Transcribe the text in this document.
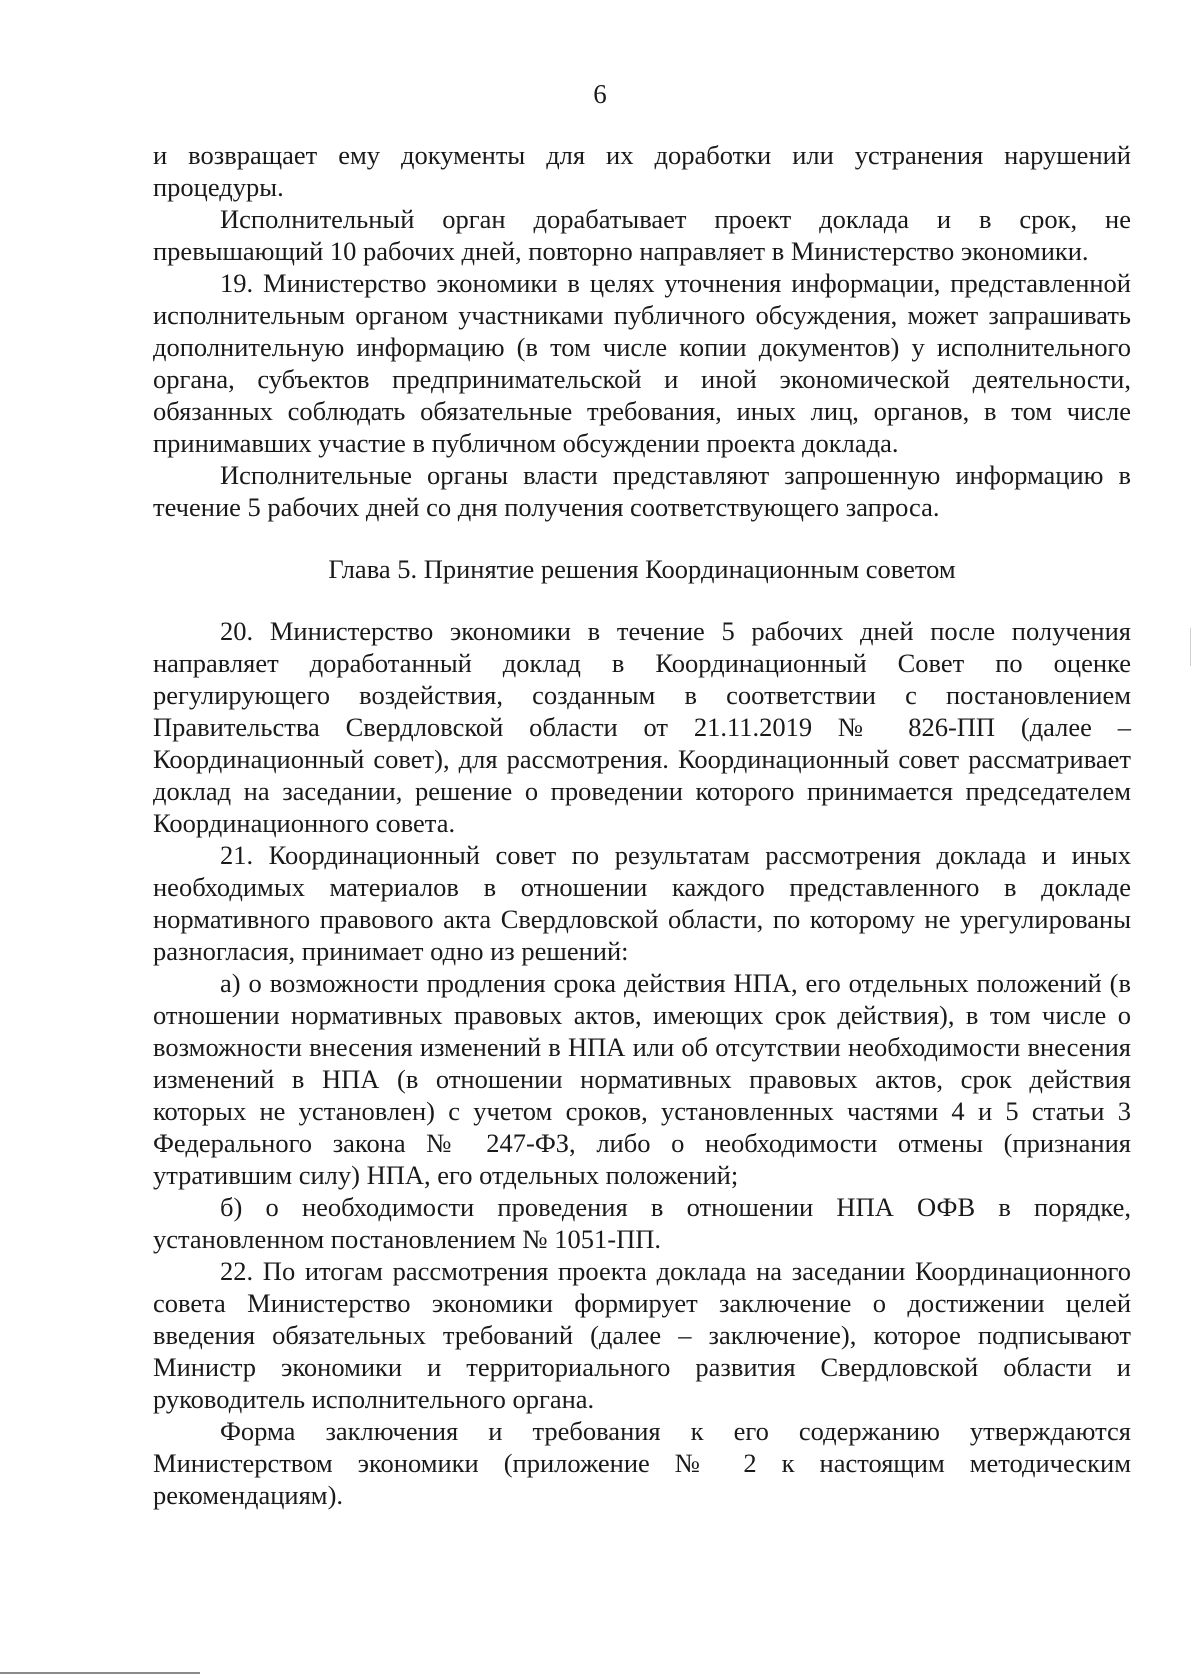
6

и возвращает ему документы для их доработки или устранения нарушений процедуры.

Исполнительный орган дорабатывает проект доклада и в срок, не превышающий 10 рабочих дней, повторно направляет в Министерство экономики.

19. Министерство экономики в целях уточнения информации, представленной исполнительным органом участниками публичного обсуждения, может запрашивать дополнительную информацию (в том числе копии документов) у исполнительного органа, субъектов предпринимательской и иной экономической деятельности, обязанных соблюдать обязательные требования, иных лиц, органов, в том числе принимавших участие в публичном обсуждении проекта доклада.

Исполнительные органы власти представляют запрошенную информацию в течение 5 рабочих дней со дня получения соответствующего запроса.

Глава 5. Принятие решения Координационным советом

20. Министерство экономики в течение 5 рабочих дней после получения направляет доработанный доклад в Координационный Совет по оценке регулирующего воздействия, созданным в соответствии с постановлением Правительства Свердловской области от 21.11.2019 № 826-ПП (далее – Координационный совет), для рассмотрения. Координационный совет рассматривает доклад на заседании, решение о проведении которого принимается председателем Координационного совета.

21. Координационный совет по результатам рассмотрения доклада и иных необходимых материалов в отношении каждого представленного в докладе нормативного правового акта Свердловской области, по которому не урегулированы разногласия, принимает одно из решений:

а) о возможности продления срока действия НПА, его отдельных положений (в отношении нормативных правовых актов, имеющих срок действия), в том числе о возможности внесения изменений в НПА или об отсутствии необходимости внесения изменений в НПА (в отношении нормативных правовых актов, срок действия которых не установлен) с учетом сроков, установленных частями 4 и 5 статьи 3 Федерального закона № 247-ФЗ, либо о необходимости отмены (признания утратившим силу) НПА, его отдельных положений;

б) о необходимости проведения в отношении НПА ОФВ в порядке, установленном постановлением № 1051-ПП.

22. По итогам рассмотрения проекта доклада на заседании Координационного совета Министерство экономики формирует заключение о достижении целей введения обязательных требований (далее – заключение), которое подписывают Министр экономики и территориального развития Свердловской области и руководитель исполнительного органа.

Форма заключения и требования к его содержанию утверждаются Министерством экономики (приложение № 2 к настоящим методическим рекомендациям).
